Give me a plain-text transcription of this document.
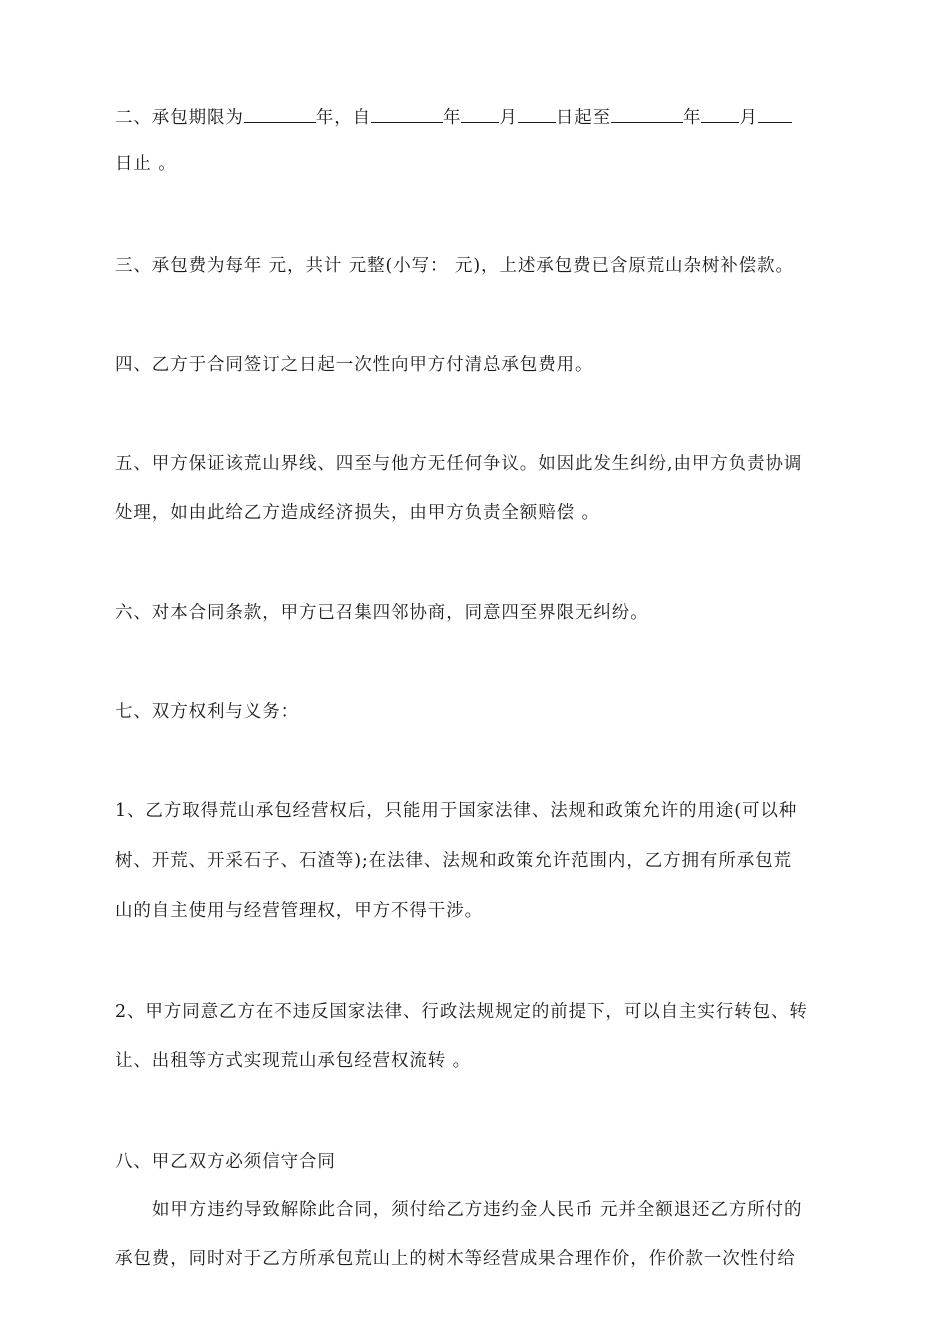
二、承包期限为	年，自	年 月 日起至	年 月
日止 。
三、承包费为每年 元，共计 元整(小写： 元)，上述承包费已含原荒山杂树补偿款。
四、乙方于合同签订之日起一次性向甲方付清总承包费用。
五、甲方保证该荒山界线、四至与他方无任何争议。如因此发生纠纷,由甲方负责协调
处理，如由此给乙方造成经济损失，由甲方负责全额赔偿 。
六、对本合同条款，甲方已召集四邻协商，同意四至界限无纠纷。
七、双方权利与义务：
1、乙方取得荒山承包经营权后，只能用于国家法律、法规和政策允许的用途(可以种
树、开荒、开采石子、石渣等);在法律、法规和政策允许范围内，乙方拥有所承包荒
山的自主使用与经营管理权，甲方不得干涉。
2、甲方同意乙方在不违反国家法律、行政法规规定的前提下，可以自主实行转包、转
让、出租等方式实现荒山承包经营权流转 。
八、甲乙双方必须信守合同
如甲方违约导致解除此合同，须付给乙方违约金人民币 元并全额退还乙方所付的
承包费，同时对于乙方所承包荒山上的树木等经营成果合理作价，作价款一次性付给
